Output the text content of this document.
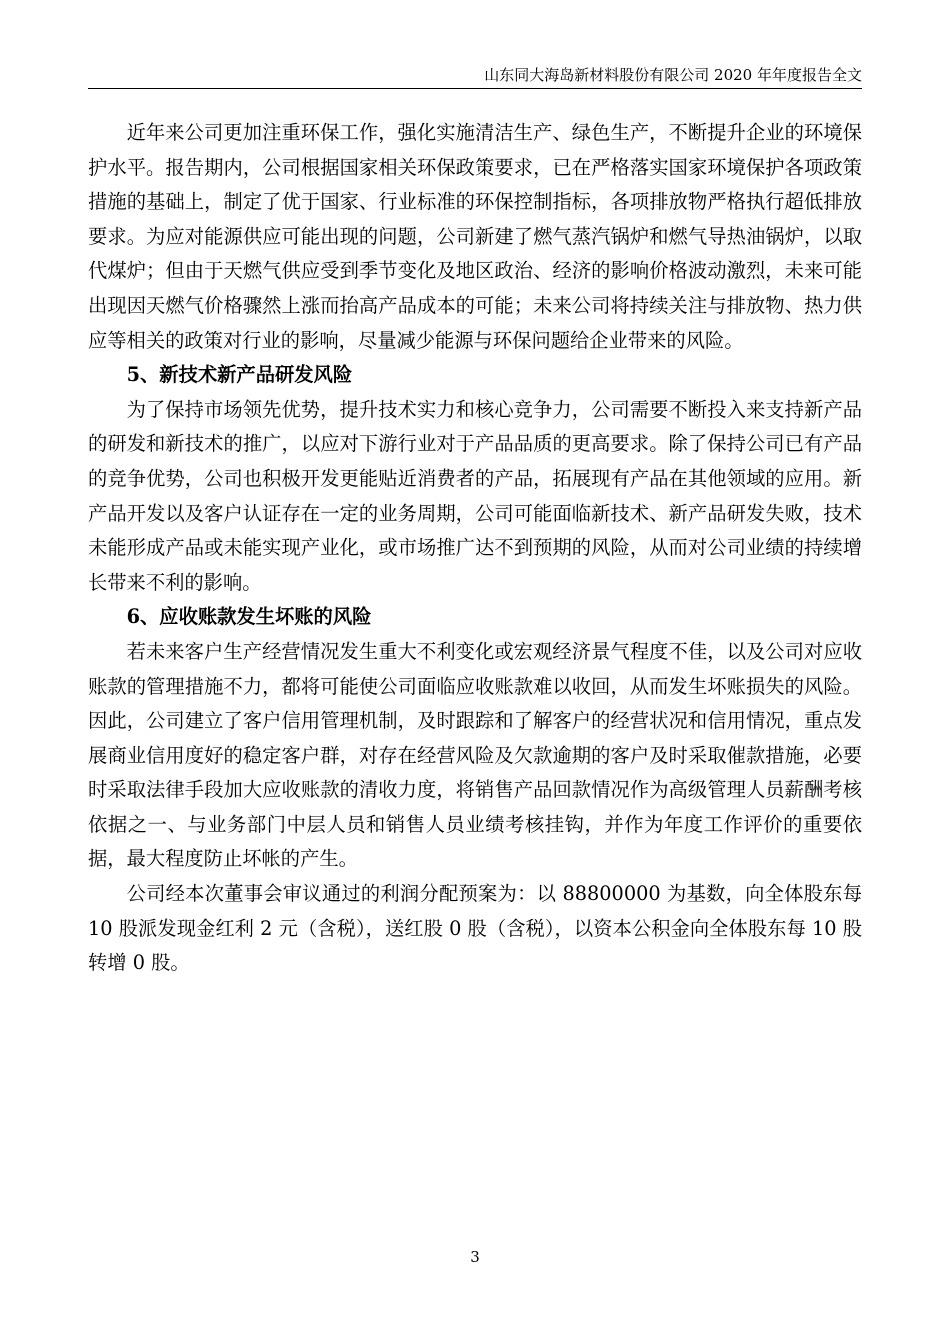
山东同大海岛新材料股份有限公司 2020 年年度报告全文

近年来公司更加注重环保工作，强化实施清洁生产、绿色生产，不断提升企业的环境保护水平。报告期内，公司根据国家相关环保政策要求，已在严格落实国家环境保护各项政策措施的基础上，制定了优于国家、行业标准的环保控制指标，各项排放物严格执行超低排放要求。为应对能源供应可能出现的问题，公司新建了燃气蒸汽锅炉和燃气导热油锅炉，以取代煤炉；但由于天燃气供应受到季节变化及地区政治、经济的影响价格波动激烈，未来可能出现因天燃气价格骤然上涨而抬高产品成本的可能；未来公司将持续关注与排放物、热力供应等相关的政策对行业的影响，尽量减少能源与环保问题给企业带来的风险。

5、新技术新产品研发风险

为了保持市场领先优势，提升技术实力和核心竞争力，公司需要不断投入来支持新产品的研发和新技术的推广，以应对下游行业对于产品品质的更高要求。除了保持公司已有产品的竞争优势，公司也积极开发更能贴近消费者的产品，拓展现有产品在其他领域的应用。新产品开发以及客户认证存在一定的业务周期，公司可能面临新技术、新产品研发失败，技术未能形成产品或未能实现产业化，或市场推广达不到预期的风险，从而对公司业绩的持续增长带来不利的影响。

6、应收账款发生坏账的风险

若未来客户生产经营情况发生重大不利变化或宏观经济景气程度不佳，以及公司对应收账款的管理措施不力，都将可能使公司面临应收账款难以收回，从而发生坏账损失的风险。因此，公司建立了客户信用管理机制，及时跟踪和了解客户的经营状况和信用情况，重点发展商业信用度好的稳定客户群，对存在经营风险及欠款逾期的客户及时采取催款措施，必要时采取法律手段加大应收账款的清收力度，将销售产品回款情况作为高级管理人员薪酬考核依据之一、与业务部门中层人员和销售人员业绩考核挂钩，并作为年度工作评价的重要依据，最大程度防止坏帐的产生。

公司经本次董事会审议通过的利润分配预案为：以 88800000 为基数，向全体股东每 10 股派发现金红利 2 元（含税），送红股 0 股（含税），以资本公积金向全体股东每 10 股转增 0 股。

3
